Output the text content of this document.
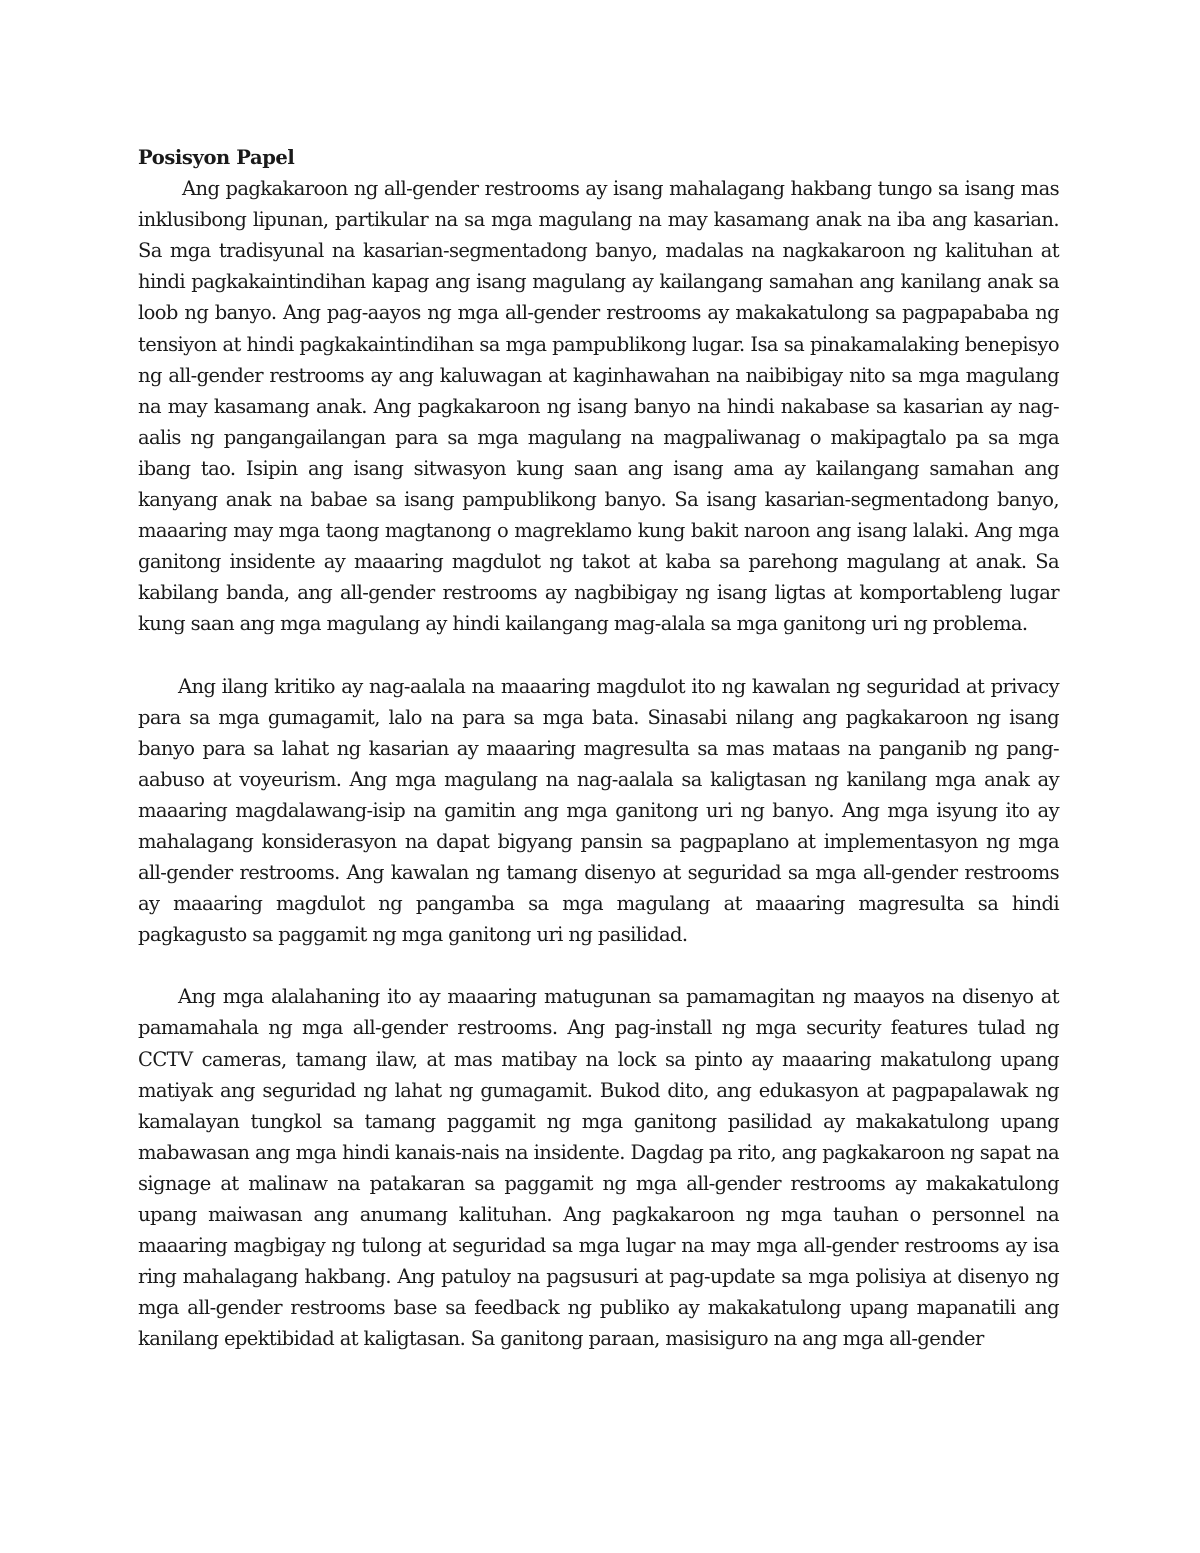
Posisyon Papel

Ang pagkakaroon ng all-gender restrooms ay isang mahalagang hakbang tungo sa isang mas inklusibong lipunan, partikular na sa mga magulang na may kasamang anak na iba ang kasarian. Sa mga tradisyunal na kasarian-segmentadong banyo, madalas na nagkakaroon ng kalituhan at hindi pagkakaintindihan kapag ang isang magulang ay kailangang samahan ang kanilang anak sa loob ng banyo. Ang pag-aayos ng mga all-gender restrooms ay makakatulong sa pagpapababa ng tensiyon at hindi pagkakaintindihan sa mga pampublikong lugar. Isa sa pinakamalaking benepisyo ng all-gender restrooms ay ang kaluwagan at kaginhawahan na naibibigay nito sa mga magulang na may kasamang anak. Ang pagkakaroon ng isang banyo na hindi nakabase sa kasarian ay nag-aalis ng pangangailangan para sa mga magulang na magpaliwanag o makipagtalo pa sa mga ibang tao. Isipin ang isang sitwasyon kung saan ang isang ama ay kailangang samahan ang kanyang anak na babae sa isang pampublikong banyo. Sa isang kasarian-segmentadong banyo, maaaring may mga taong magtanong o magreklamo kung bakit naroon ang isang lalaki. Ang mga ganitong insidente ay maaaring magdulot ng takot at kaba sa parehong magulang at anak. Sa kabilang banda, ang all-gender restrooms ay nagbibigay ng isang ligtas at komportableng lugar kung saan ang mga magulang ay hindi kailangang mag-alala sa mga ganitong uri ng problema.

Ang ilang kritiko ay nag-aalala na maaaring magdulot ito ng kawalan ng seguridad at privacy para sa mga gumagamit, lalo na para sa mga bata. Sinasabi nilang ang pagkakaroon ng isang banyo para sa lahat ng kasarian ay maaaring magresulta sa mas mataas na panganib ng pang-aabuso at voyeurism. Ang mga magulang na nag-aalala sa kaligtasan ng kanilang mga anak ay maaaring magdalawang-isip na gamitin ang mga ganitong uri ng banyo. Ang mga isyung ito ay mahalagang konsiderasyon na dapat bigyang pansin sa pagpaplano at implementasyon ng mga all-gender restrooms. Ang kawalan ng tamang disenyo at seguridad sa mga all-gender restrooms ay maaaring magdulot ng pangamba sa mga magulang at maaaring magresulta sa hindi pagkagusto sa paggamit ng mga ganitong uri ng pasilidad.

Ang mga alalahaning ito ay maaaring matugunan sa pamamagitan ng maayos na disenyo at pamamahala ng mga all-gender restrooms. Ang pag-install ng mga security features tulad ng CCTV cameras, tamang ilaw, at mas matibay na lock sa pinto ay maaaring makatulong upang matiyak ang seguridad ng lahat ng gumagamit. Bukod dito, ang edukasyon at pagpapalawak ng kamalayan tungkol sa tamang paggamit ng mga ganitong pasilidad ay makakatulong upang mabawasan ang mga hindi kanais-nais na insidente. Dagdag pa rito, ang pagkakaroon ng sapat na signage at malinaw na patakaran sa paggamit ng mga all-gender restrooms ay makakatulong upang maiwasan ang anumang kalituhan. Ang pagkakaroon ng mga tauhan o personnel na maaaring magbigay ng tulong at seguridad sa mga lugar na may mga all-gender restrooms ay isa ring mahalagang hakbang. Ang patuloy na pagsusuri at pag-update sa mga polisiya at disenyo ng mga all-gender restrooms base sa feedback ng publiko ay makakatulong upang mapanatili ang kanilang epektibidad at kaligtasan. Sa ganitong paraan, masisiguro na ang mga all-gender
